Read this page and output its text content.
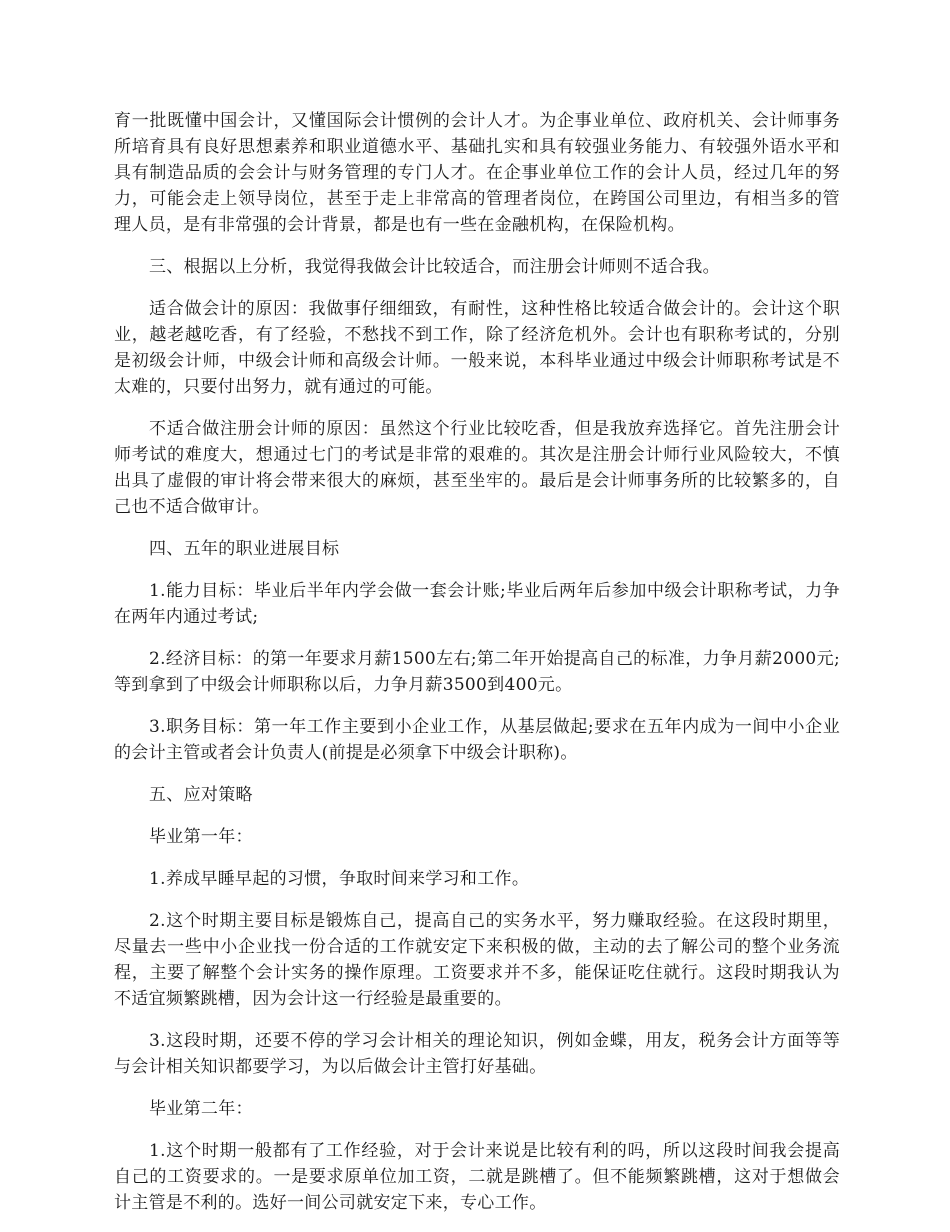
育一批既懂中国会计，又懂国际会计惯例的会计人才。为企事业单位、政府机关、会计师事务所培育具有良好思想素养和职业道德水平、基础扎实和具有较强业务能力、有较强外语水平和具有制造品质的会会计与财务管理的专门人才。在企事业单位工作的会计人员，经过几年的努力，可能会走上领导岗位，甚至于走上非常高的管理者岗位，在跨国公司里边，有相当多的管理人员，是有非常强的会计背景，都是也有一些在金融机构，在保险机构。

三、根据以上分析，我觉得我做会计比较适合，而注册会计师则不适合我。

适合做会计的原因：我做事仔细细致，有耐性，这种性格比较适合做会计的。会计这个职业，越老越吃香，有了经验，不愁找不到工作，除了经济危机外。会计也有职称考试的，分别是初级会计师，中级会计师和高级会计师。一般来说，本科毕业通过中级会计师职称考试是不太难的，只要付出努力，就有通过的可能。

不适合做注册会计师的原因：虽然这个行业比较吃香，但是我放弃选择它。首先注册会计师考试的难度大，想通过七门的考试是非常的艰难的。其次是注册会计师行业风险较大，不慎出具了虚假的审计将会带来很大的麻烦，甚至坐牢的。最后是会计师事务所的比较繁多的，自己也不适合做审计。

四、五年的职业进展目标

1.能力目标：毕业后半年内学会做一套会计账;毕业后两年后参加中级会计职称考试，力争在两年内通过考试;

2.经济目标：的第一年要求月薪1500左右;第二年开始提高自己的标准，力争月薪2000元;等到拿到了中级会计师职称以后，力争月薪3500到400元。

3.职务目标：第一年工作主要到小企业工作，从基层做起;要求在五年内成为一间中小企业的会计主管或者会计负责人(前提是必须拿下中级会计职称)。

五、应对策略

毕业第一年：

1.养成早睡早起的习惯，争取时间来学习和工作。

2.这个时期主要目标是锻炼自己，提高自己的实务水平，努力赚取经验。在这段时期里，尽量去一些中小企业找一份合适的工作就安定下来积极的做，主动的去了解公司的整个业务流程，主要了解整个会计实务的操作原理。工资要求并不多，能保证吃住就行。这段时期我认为不适宜频繁跳槽，因为会计这一行经验是最重要的。

3.这段时期，还要不停的学习会计相关的理论知识，例如金蝶，用友，税务会计方面等等与会计相关知识都要学习，为以后做会计主管打好基础。

毕业第二年：

1.这个时期一般都有了工作经验，对于会计来说是比较有利的吗，所以这段时间我会提高自己的工资要求的。一是要求原单位加工资，二就是跳槽了。但不能频繁跳槽，这对于想做会计主管是不利的。选好一间公司就安定下来，专心工作。
